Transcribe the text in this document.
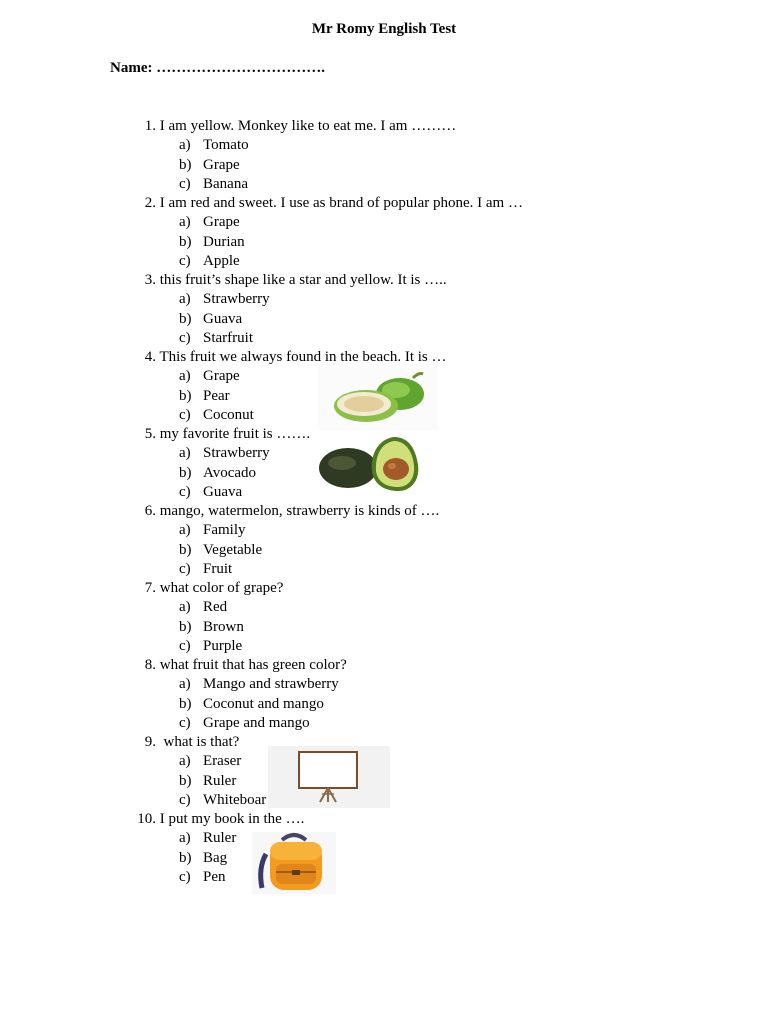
Mr Romy English Test
Name: …………………………….
1. I am yellow. Monkey like to eat me. I am ………
a) Tomato
b) Grape
c) Banana
2. I am red and sweet. I use as brand of popular phone. I am …
a) Grape
b) Durian
c) Apple
3. this fruit’s shape like a star and yellow. It is …..
a) Strawberry
b) Guava
c) Starfruit
4. This fruit we always found in the beach. It is …
a) Grape
b) Pear
c) Coconut
5. my favorite fruit is …….
a) Strawberry
b) Avocado
c) Guava
6. mango, watermelon, strawberry is kinds of ….
a) Family
b) Vegetable
c) Fruit
7. what color of grape?
a) Red
b) Brown
c) Purple
8. what fruit that has green color?
a) Mango and strawberry
b) Coconut and mango
c) Grape and mango
9.  what is that?
a) Eraser
b) Ruler
c) Whiteboar
10. I put my book in the ….
a) Ruler
b) Bag
c) Pen
